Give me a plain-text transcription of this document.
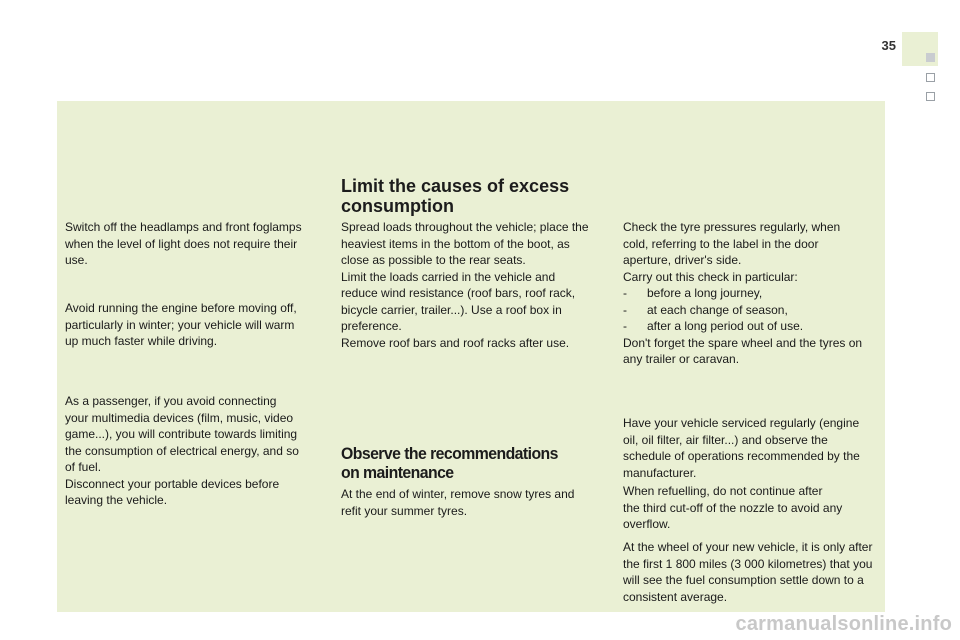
35
Switch off the headlamps and front foglamps
when the level of light does not require their
use.
Avoid running the engine before moving off,
particularly in winter; your vehicle will warm
up much faster while driving.
As a passenger, if you avoid connecting
your multimedia devices (film, music, video
game...), you will contribute towards limiting
the consumption of electrical energy, and so
of fuel.
Disconnect your portable devices before
leaving the vehicle.
Limit the causes of excess
consumption
Spread loads throughout the vehicle; place the
heaviest items in the bottom of the boot, as
close as possible to the rear seats.
Limit the loads carried in the vehicle and
reduce wind resistance (roof bars, roof rack,
bicycle carrier, trailer...). Use a roof box in
preference.
Remove roof bars and roof racks after use.
Observe the recommendations
on maintenance
At the end of winter, remove snow tyres and
refit your summer tyres.
Check the tyre pressures regularly, when
cold, referring to the label in the door
aperture, driver's side.
Carry out this check in particular:
- before a long journey,
- at each change of season,
- after a long period out of use.
Don't forget the spare wheel and the tyres on
any trailer or caravan.
Have your vehicle serviced regularly (engine
oil, oil filter, air filter...) and observe the
schedule of operations recommended by the
manufacturer.
When refuelling, do not continue after
the third cut-off of the nozzle to avoid any
overflow.
At the wheel of your new vehicle, it is only after
the first 1 800 miles (3 000 kilometres) that you
will see the fuel consumption settle down to a
consistent average.
carmanualsonline.info
